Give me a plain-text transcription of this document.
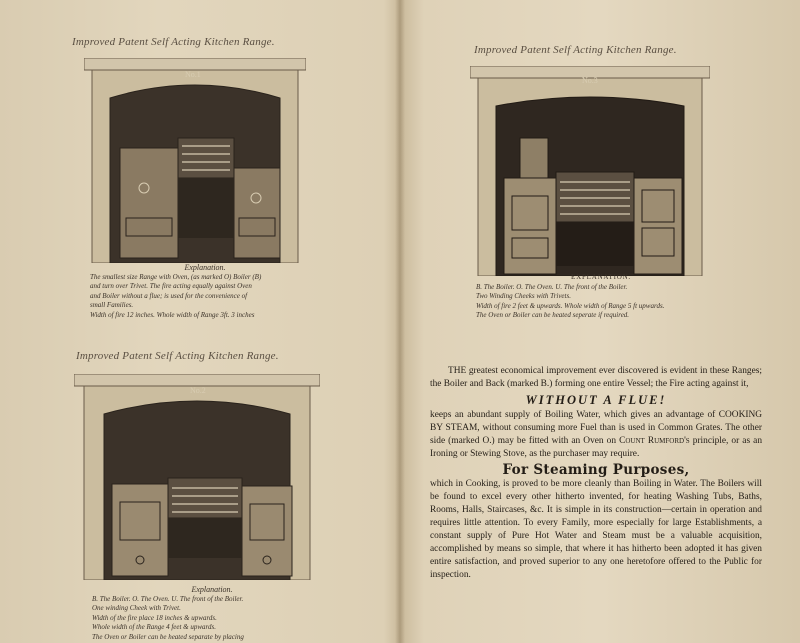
Improved Patent Self Acting Kitchen Range.
No.1
Explanation.
The smallest size Range with Oven, (as marked O) Boiler (B)
and turn over Trivet. The fire acting equally against Oven
and Boiler without a flue; is used for the convenience of
small Families.
Width of fire 12 inches. Whole width of Range 3ft. 3 inches
Improved Patent Self Acting Kitchen Range.
No.2
Explanation.
B. The Boiler. O. The Oven. U. The front of the Boiler.
One winding Cheek with Trivet.
Width of the fire place 18 inches & upwards.
Whole width of the Range 4 feet & upwards.
The Oven or Boiler can be heated separate by placing
Improved Patent Self Acting Kitchen Range.
No.3
EXPLANATION.
B. The Boiler. O. The Oven. U. The front of the Boiler.
Two Winding Cheeks with Trivets.
Width of fire 2 feet & upwards. Whole width of Range 5 ft upwards.
The Oven or Boiler can be heated seperate if required.

THE greatest economical improvement ever discovered is evident in these Ranges; the Boiler and Back (marked B.) forming one entire Vessel; the Fire acting against it,

WITHOUT A FLUE!

keeps an abundant supply of Boiling Water, which gives an advantage of COOKING BY STEAM, without consuming more Fuel than is used in Common Grates. The other side (marked O.) may be fitted with an Oven on Count Rumford's principle, or as an Ironing or Stewing Stove, as the purchaser may require.

For Steaming Purposes,

which in Cooking, is proved to be more cleanly than Boiling in Water. The Boilers will be found to excel every other hitherto invented, for heating Washing Tubs, Baths, Rooms, Halls, Staircases, &c. It is simple in its construction—certain in operation and requires little attention. To every Family, more especially for large Establishments, a constant supply of Pure Hot Water and Steam must be a valuable acquisition, accomplished by means so simple, that where it has hitherto been adopted it has given entire satisfaction, and proved superior to any one heretofore offered to the Public for inspection.
